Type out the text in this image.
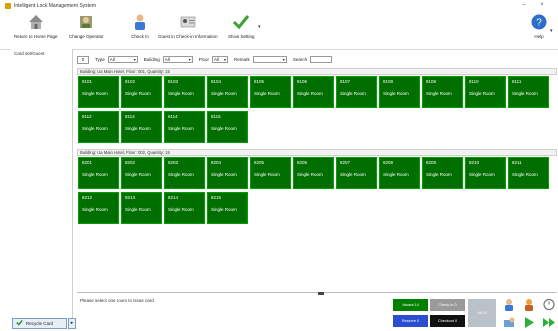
Intelligent Lock Management System	–	×
Return to Home Page	Change Operator	Check In Guest in Check-in Information Show Setting
▾	?
Help
▾
Card set/Guest
Recycle Card	▸
0	Type	All	▾ Building	All	▾ Floor	All ▾ Remark	▾ Search
Building: Ua Main Hotel, Floor: 001, Quantity: 15
8101
Single Room
8102
Single Room
8103
Single Room
8104
Single Room
8105
Single Room
8106
Single Room
8107
Single Room
8108
Single Room
8109
Single Room
8110
Single Room
8111
Single Room
8112
Single Room
8113
Single Room
8114
Single Room
8115
Single Room
Building: Ua Main Hotel, Floor: 002, Quantity: 15
8201
Single Room
8202
Single Room
8203
Single Room
8204
Single Room
8205
Single Room
8206
Single Room
8207
Single Room
8208
Single Room
8209
Single Room
8210
Single Room
8211
Single Room
8212
Single Room
8213
Single Room
8214
Single Room
8215
Single Room
Please select one room to issue card
Vacant 14	Check-in 0
Reserve 0	Checkout 0
All 15
